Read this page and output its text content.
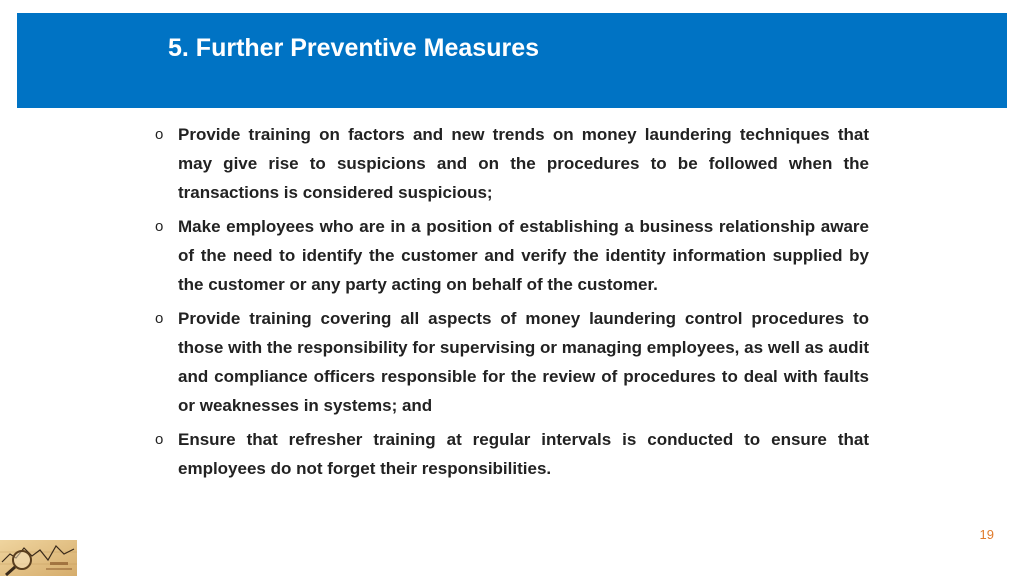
5. Further Preventive Measures
o Provide training on factors and new trends on money laundering techniques that may give rise to suspicions and on the procedures to be followed when the transactions is considered suspicious;
o Make employees who are in a position of establishing a business relationship aware of the need to identify the customer and verify the identity information supplied by the customer or any party acting on behalf of the customer.
o Provide training covering all aspects of money laundering control procedures to those with the responsibility for supervising or managing employees, as well as audit and compliance officers responsible for the review of procedures to deal with faults or weaknesses in systems; and
o Ensure that refresher training at regular intervals is conducted to ensure that employees do not forget their responsibilities.
19
